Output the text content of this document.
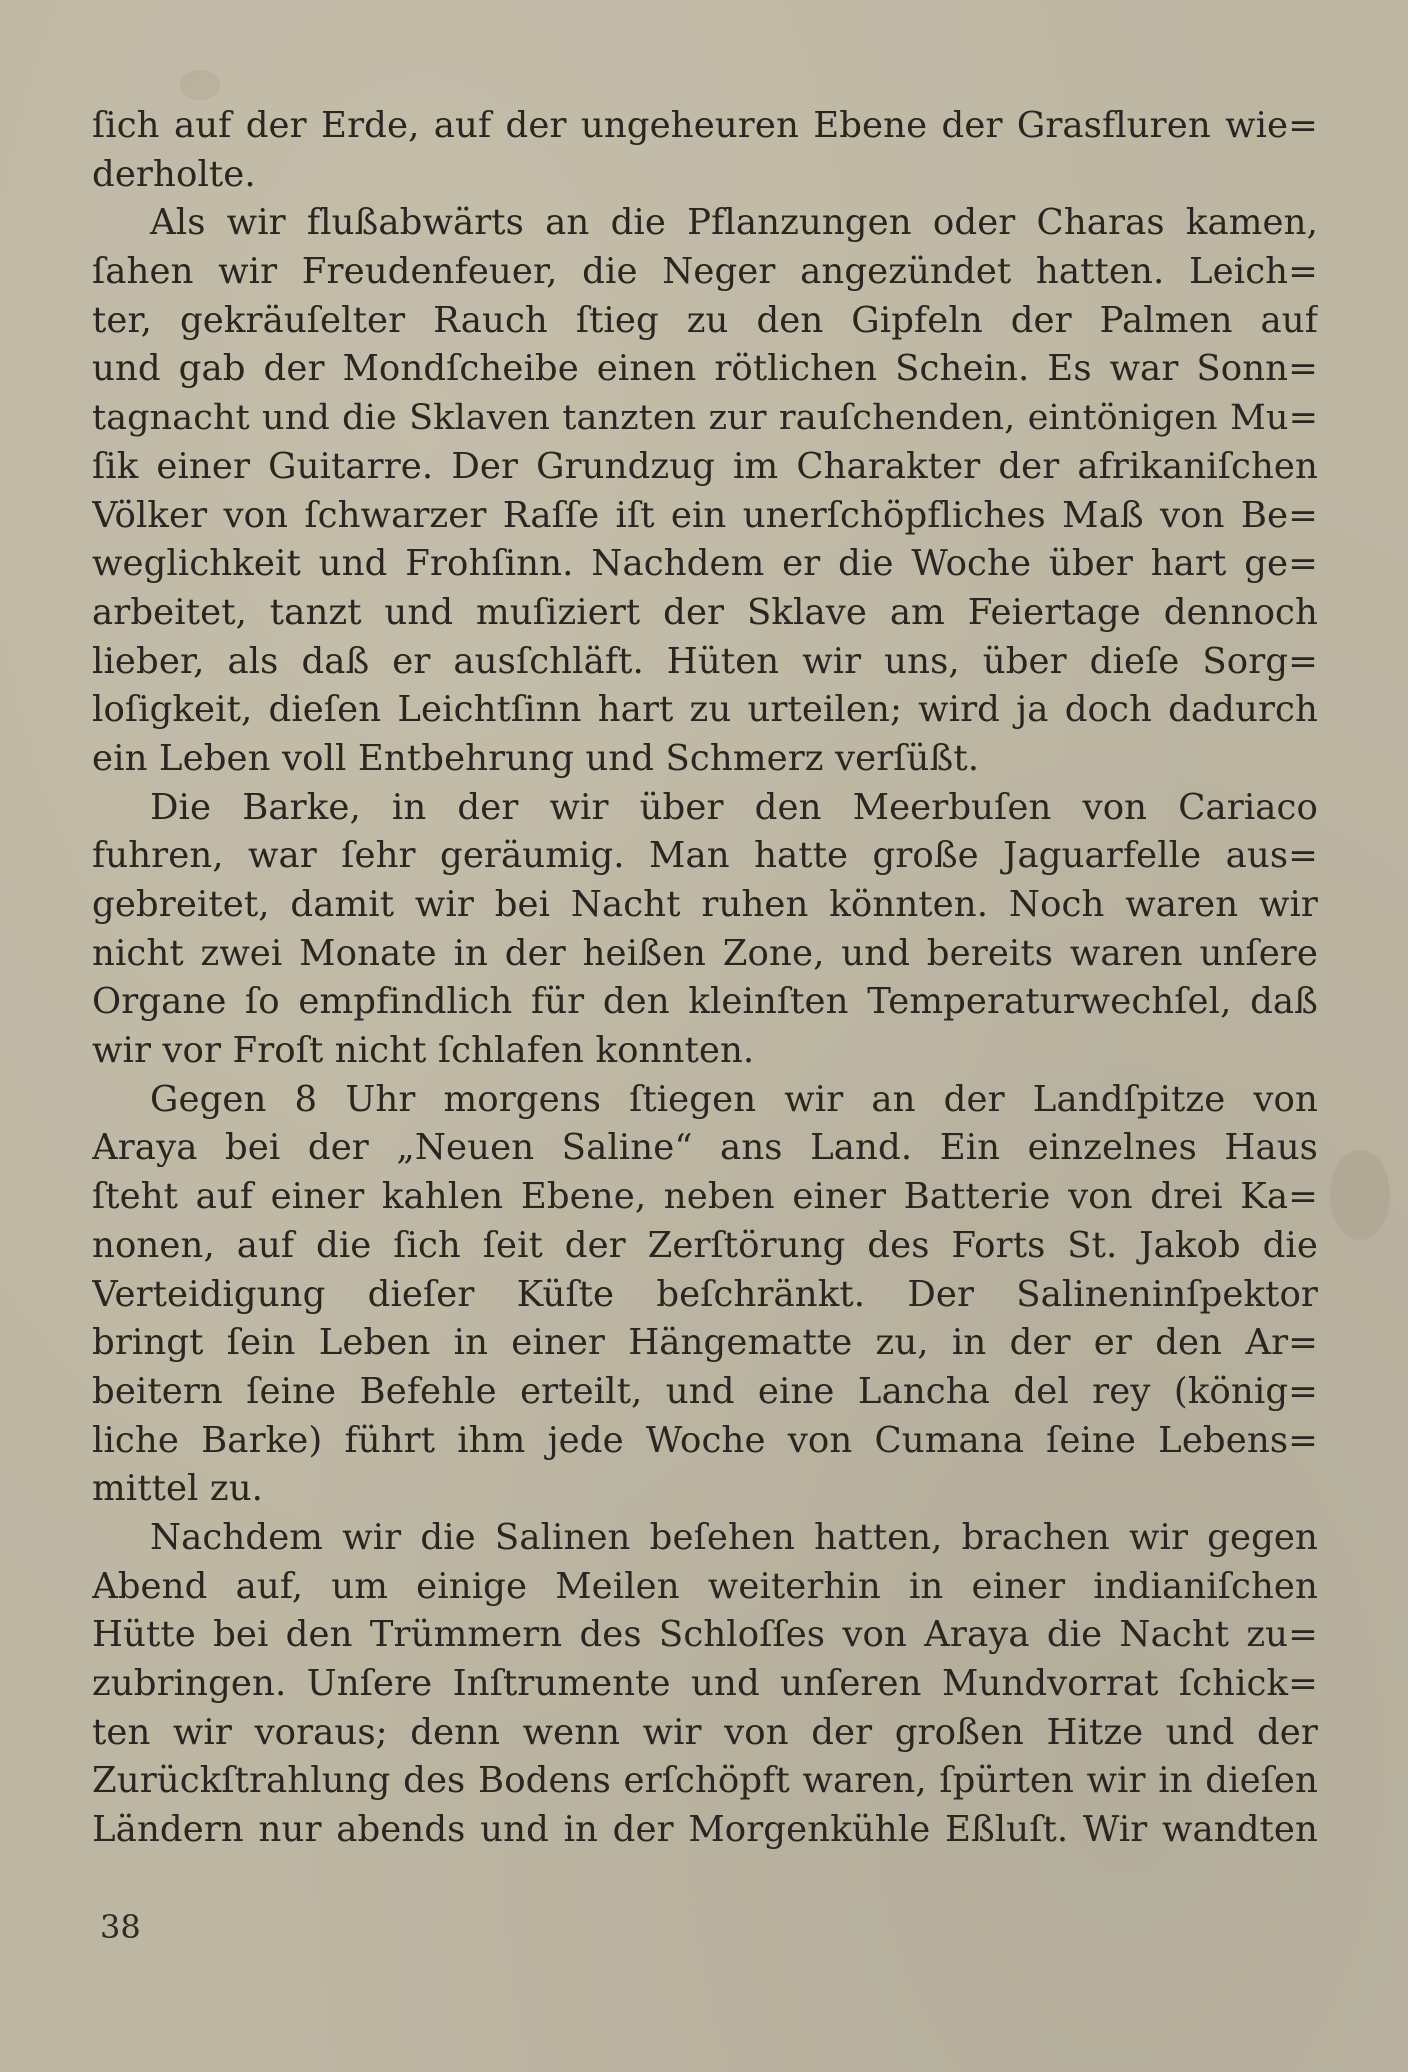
ſich auf der Erde, auf der ungeheuren Ebene der Grasfluren wie=
derholte.
Als wir flußabwärts an die Pflanzungen oder Charas kamen,
ſahen wir Freudenfeuer, die Neger angezündet hatten. Leich=
ter, gekräuſelter Rauch ſtieg zu den Gipfeln der Palmen auf
und gab der Mondſcheibe einen rötlichen Schein. Es war Sonn=
tagnacht und die Sklaven tanzten zur rauſchenden, eintönigen Mu=
ſik einer Guitarre. Der Grundzug im Charakter der afrikaniſchen
Völker von ſchwarzer Raſſe iſt ein unerſchöpfliches Maß von Be=
weglichkeit und Frohſinn. Nachdem er die Woche über hart ge=
arbeitet, tanzt und muſiziert der Sklave am Feiertage dennoch
lieber, als daß er ausſchläft. Hüten wir uns, über dieſe Sorg=
loſigkeit, dieſen Leichtſinn hart zu urteilen; wird ja doch dadurch
ein Leben voll Entbehrung und Schmerz verſüßt.
Die Barke, in der wir über den Meerbuſen von Cariaco
fuhren, war ſehr geräumig. Man hatte große Jaguarfelle aus=
gebreitet, damit wir bei Nacht ruhen könnten. Noch waren wir
nicht zwei Monate in der heißen Zone, und bereits waren unſere
Organe ſo empfindlich für den kleinſten Temperaturwechſel, daß
wir vor Froſt nicht ſchlafen konnten.
Gegen 8 Uhr morgens ſtiegen wir an der Landſpitze von
Araya bei der „Neuen Saline“ ans Land. Ein einzelnes Haus
ſteht auf einer kahlen Ebene, neben einer Batterie von drei Ka=
nonen, auf die ſich ſeit der Zerſtörung des Forts St. Jakob die
Verteidigung dieſer Küſte beſchränkt. Der Salineninſpektor
bringt ſein Leben in einer Hängematte zu, in der er den Ar=
beitern ſeine Befehle erteilt, und eine Lancha del rey (könig=
liche Barke) führt ihm jede Woche von Cumana ſeine Lebens=
mittel zu.
Nachdem wir die Salinen beſehen hatten, brachen wir gegen
Abend auf, um einige Meilen weiterhin in einer indianiſchen
Hütte bei den Trümmern des Schloſſes von Araya die Nacht zu=
zubringen. Unſere Inſtrumente und unſeren Mundvorrat ſchick=
ten wir voraus; denn wenn wir von der großen Hitze und der
Zurückſtrahlung des Bodens erſchöpft waren, ſpürten wir in dieſen
Ländern nur abends und in der Morgenkühle Eßluſt. Wir wandten
38
